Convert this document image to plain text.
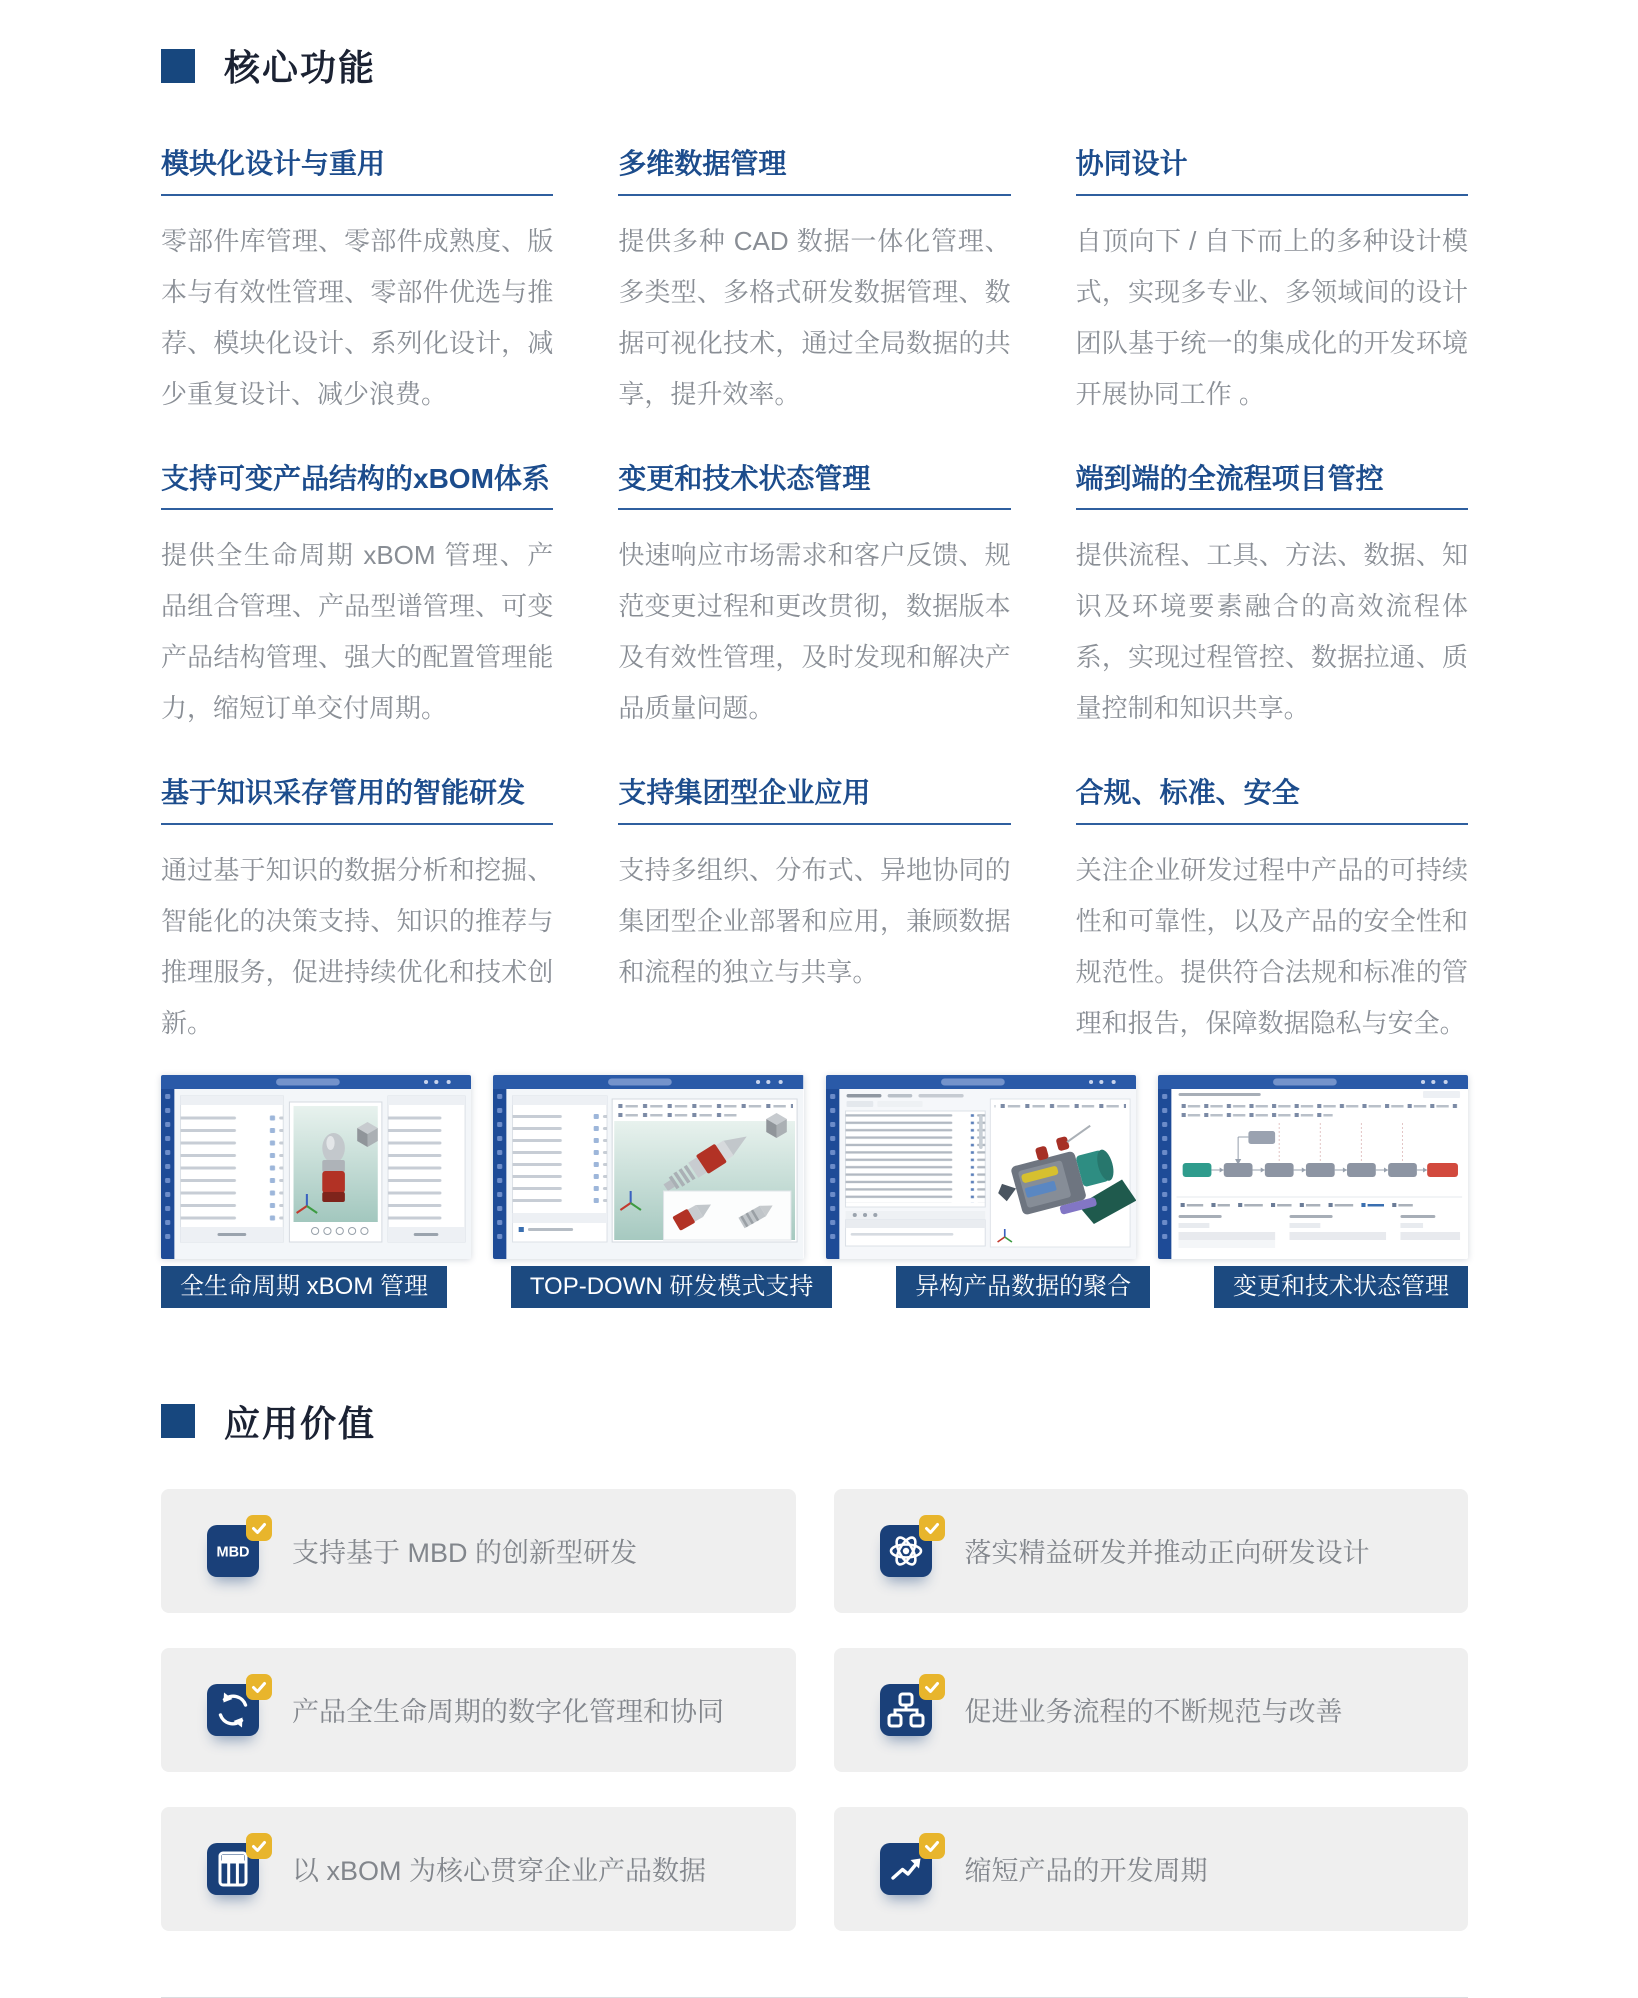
核心功能
模块化设计与重用

零部件库管理、零部件成熟度、版本与有效性管理、零部件优选与推荐、模块化设计、系列化设计，减少重复设计、减少浪费。

多维数据管理

提供多种 CAD 数据一体化管理、多类型、多格式研发数据管理、数据可视化技术，通过全局数据的共享，提升效率。

协同设计

自顶向下 / 自下而上的多种设计模式，实现多专业、多领域间的设计团队基于统一的集成化的开发环境开展协同工作 。

支持可变产品结构的xBOM体系

提供全生命周期 xBOM 管理、产品组合管理、产品型谱管理、可变产品结构管理、强大的配置管理能力，缩短订单交付周期。

变更和技术状态管理

快速响应市场需求和客户反馈、规范变更过程和更改贯彻，数据版本及有效性管理，及时发现和解决产品质量问题。

端到端的全流程项目管控

提供流程、工具、方法、数据、知识及环境要素融合的高效流程体系，实现过程管控、数据拉通、质量控制和知识共享。

基于知识采存管用的智能研发

通过基于知识的数据分析和挖掘、智能化的决策支持、知识的推荐与推理服务，促进持续优化和技术创新。

支持集团型企业应用

支持多组织、分布式、异地协同的集团型企业部署和应用，兼顾数据和流程的独立与共享。

合规、标准、安全

关注企业研发过程中产品的可持续性和可靠性，以及产品的安全性和规范性。提供符合法规和标准的管理和报告，保障数据隐私与安全。

全生命周期 xBOM 管理	TOP-DOWN 研发模式支持	异构产品数据的聚合	变更和技术状态管理
应用价值
MBD 支持基于 MBD 的创新型研发	落实精益研发并推动正向研发设计
产品全生命周期的数字化管理和协同	促进业务流程的不断规范与改善
以 xBOM 为核心贯穿企业产品数据	缩短产品的开发周期
